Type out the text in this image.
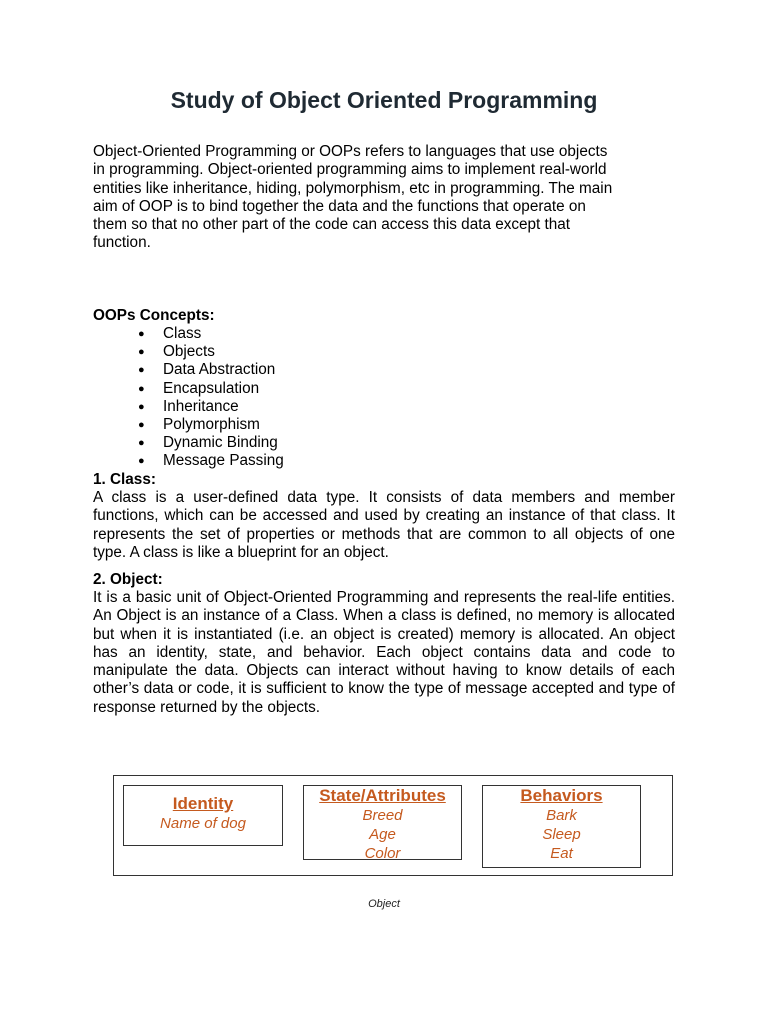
Study of Object Oriented Programming

Object-Oriented Programming or OOPs refers to languages that use objects
in programming. Object-oriented programming aims to implement real-world
entities like inheritance, hiding, polymorphism, etc in programming. The main
aim of OOP is to bind together the data and the functions that operate on
them so that no other part of the code can access this data except that
function.

OOPs Concepts:

● Class
● Objects
● Data Abstraction
● Encapsulation
● Inheritance
● Polymorphism
● Dynamic Binding
● Message Passing

1. Class:

A class is a user-defined data type. It consists of data members and member functions, which can be accessed and used by creating an instance of that class. It represents the set of properties or methods that are common to all objects of one type. A class is like a blueprint for an object.

2. Object:

It is a basic unit of Object-Oriented Programming and represents the real-life entities. An Object is an instance of a Class. When a class is defined, no memory is allocated but when it is instantiated (i.e. an object is created) memory is allocated. An object has an identity, state, and behavior. Each object contains data and code to manipulate the data. Objects can interact without having to know details of each other’s data or code, it is sufficient to know the type of message accepted and type of response returned by the objects.

Identity
Name of dog
State/Attributes
Breed
Age
Color
Behaviors
Bark
Sleep
Eat
Object
